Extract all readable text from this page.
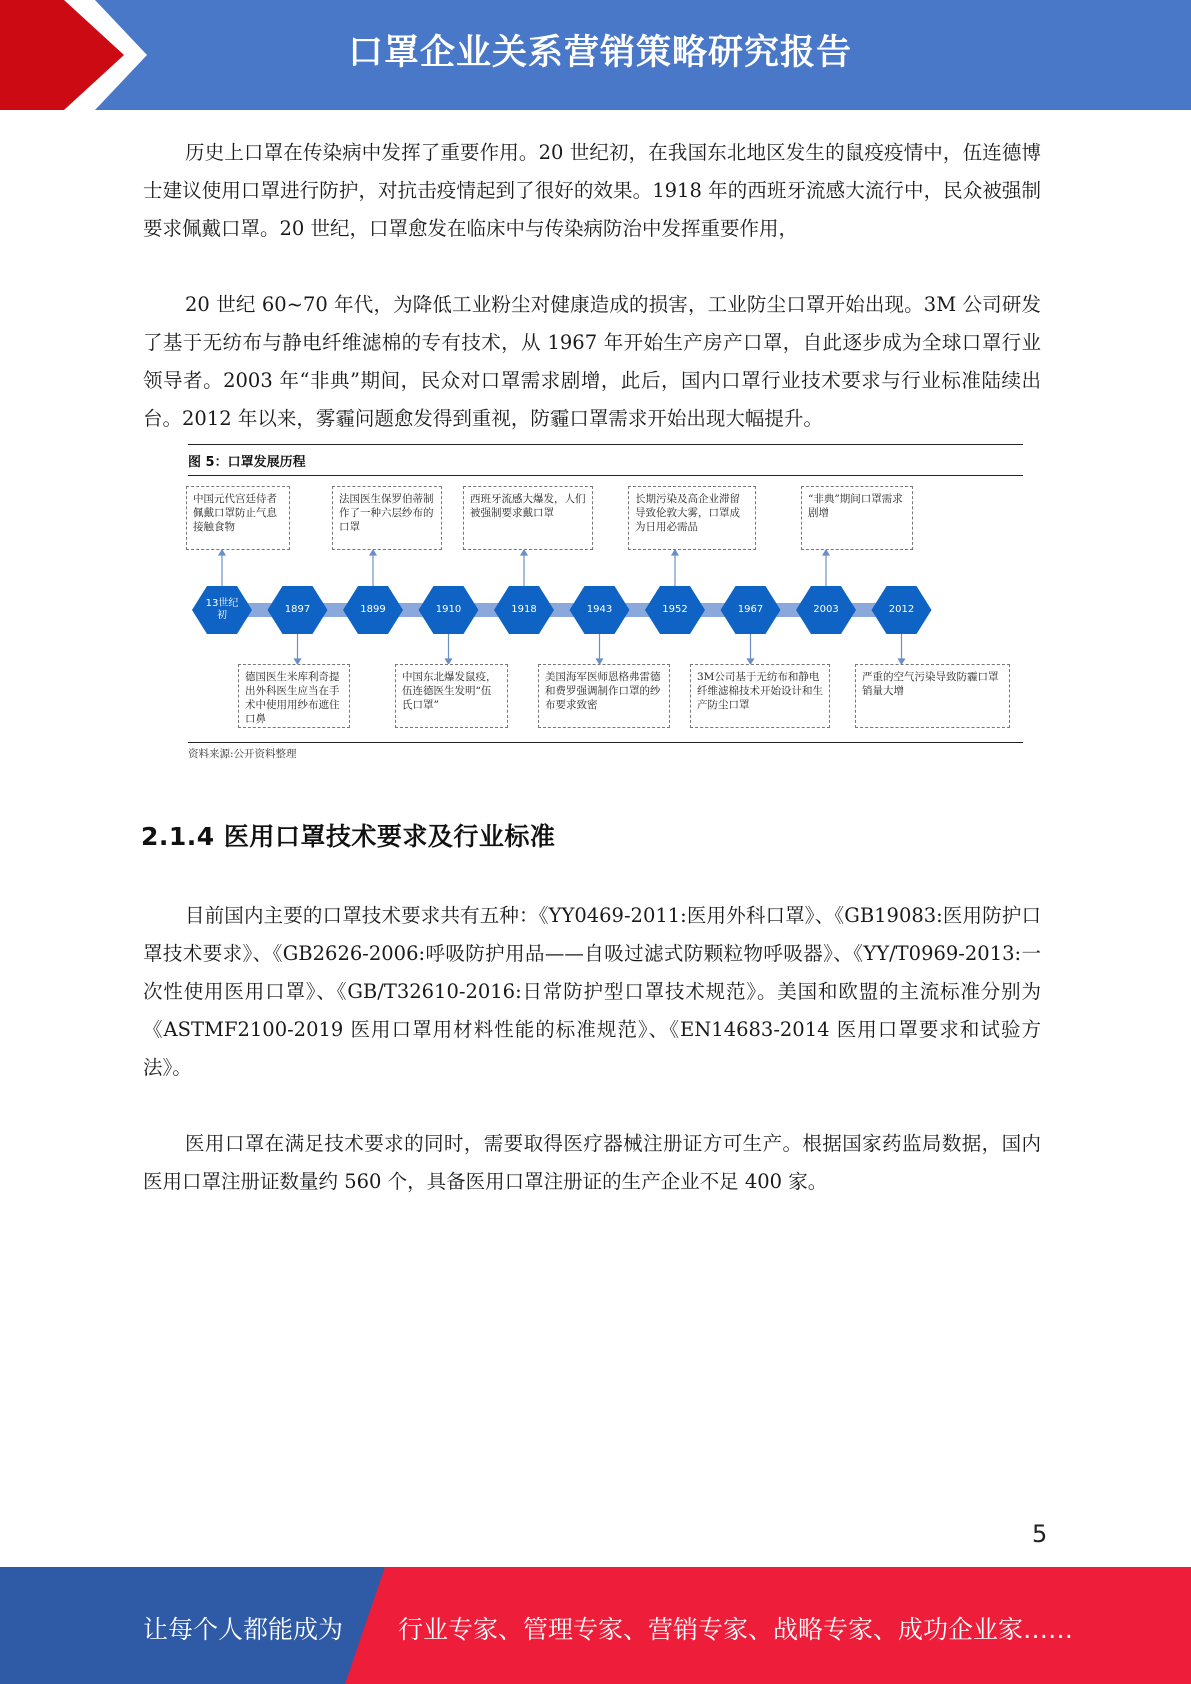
口罩企业关系营销策略研究报告

历史上口罩在传染病中发挥了重要作用。20 世纪初，在我国东北地区发生的鼠疫疫情中，伍连德博士建议使用口罩进行防护，对抗击疫情起到了很好的效果。1918 年的西班牙流感大流行中，民众被强制要求佩戴口罩。20 世纪，口罩愈发在临床中与传染病防治中发挥重要作用，

20 世纪 60~70 年代，为降低工业粉尘对健康造成的损害，工业防尘口罩开始出现。3M 公司研发了基于无纺布与静电纤维滤棉的专有技术，从 1967 年开始生产房产口罩，自此逐步成为全球口罩行业领导者。2003 年“非典”期间，民众对口罩需求剧增，此后，国内口罩行业技术要求与行业标准陆续出台。2012 年以来，雾霾问题愈发得到重视，防霾口罩需求开始出现大幅提升。

图 5：口罩发展历程
13世纪初
1897	1899	1910	1918	1943	1952	1967	2003	2012
中国元代宫廷侍者佩戴口罩防止气息接触食物
法国医生保罗伯蒂制作了一种六层纱布的口罩
西班牙流感大爆发，人们被强制要求戴口罩
长期污染及高企业滞留导致伦敦大雾，口罩成为日用必需品
“非典”期间口罩需求剧增
德国医生米库利奇提出外科医生应当在手术中使用用纱布遮住口鼻
中国东北爆发鼠疫，伍连德医生发明“伍氏口罩”
美国海军医师恩格弗雷德和费罗强调制作口罩的纱布要求致密
3M公司基于无纺布和静电纤维滤棉技术开始设计和生产防尘口罩
严重的空气污染导致防霾口罩销量大增
资料来源:公开资料整理
2.1.4 医用口罩技术要求及行业标准

目前国内主要的口罩技术要求共有五种：《YY0469-2011:医用外科口罩》、《GB19083:医用防护口罩技术要求》、《GB2626-2006:呼吸防护用品——自吸过滤式防颗粒物呼吸器》、《YY/T0969-2013:一次性使用医用口罩》、《GB/T32610-2016:日常防护型口罩技术规范》。美国和欧盟的主流标准分别为《ASTMF2100-2019 医用口罩用材料性能的标准规范》、《EN14683-2014 医用口罩要求和试验方法》。

医用口罩在满足技术要求的同时，需要取得医疗器械注册证方可生产。根据国家药监局数据，国内医用口罩注册证数量约 560 个，具备医用口罩注册证的生产企业不足 400 家。

5
让每个人都能成为 行业专家、管理专家、营销专家、战略专家、成功企业家……
